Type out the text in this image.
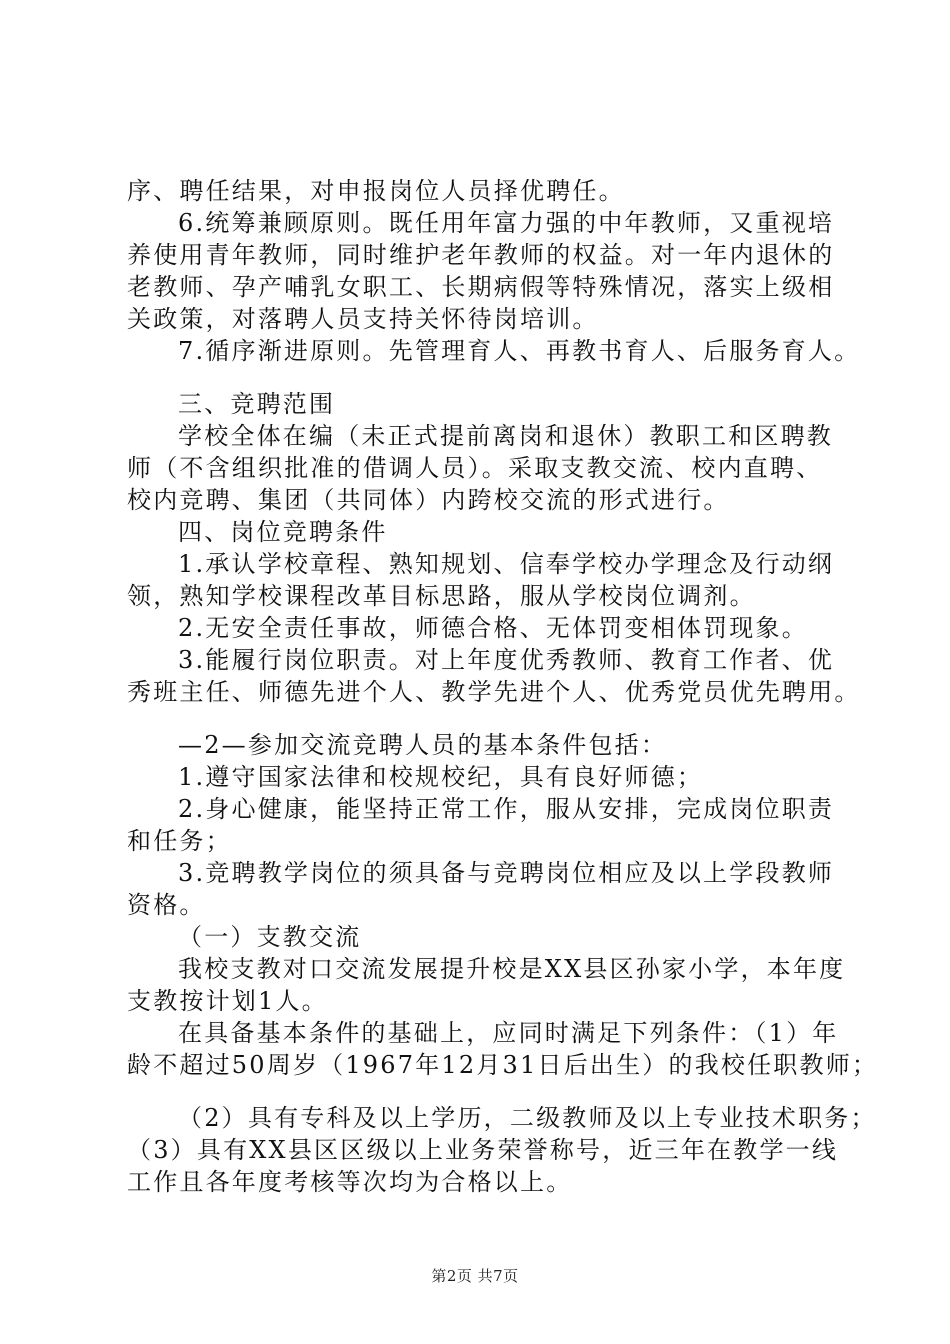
序、聘任结果，对申报岗位人员择优聘任。
6.统筹兼顾原则。既任用年富力强的中年教师，又重视培
养使用青年教师，同时维护老年教师的权益。对一年内退休的
老教师、孕产哺乳女职工、长期病假等特殊情况，落实上级相
关政策，对落聘人员支持关怀待岗培训。
7.循序渐进原则。先管理育人、再教书育人、后服务育人。
三、竞聘范围
学校全体在编（未正式提前离岗和退休）教职工和区聘教
师（不含组织批准的借调人员）。采取支教交流、校内直聘、
校内竞聘、集团（共同体）内跨校交流的形式进行。
四、岗位竞聘条件
1.承认学校章程、熟知规划、信奉学校办学理念及行动纲
领，熟知学校课程改革目标思路，服从学校岗位调剂。
2.无安全责任事故，师德合格、无体罚变相体罚现象。
3.能履行岗位职责。对上年度优秀教师、教育工作者、优
秀班主任、师德先进个人、教学先进个人、优秀党员优先聘用。
—2—参加交流竞聘人员的基本条件包括：
1.遵守国家法律和校规校纪，具有良好师德；
2.身心健康，能坚持正常工作，服从安排，完成岗位职责
和任务；
3.竞聘教学岗位的须具备与竞聘岗位相应及以上学段教师
资格。
（一）支教交流
我校支教对口交流发展提升校是XX县区孙家小学，本年度
支教按计划1人。
在具备基本条件的基础上，应同时满足下列条件：（1）年
龄不超过50周岁（1967年12月31日后出生）的我校任职教师；
（2）具有专科及以上学历，二级教师及以上专业技术职务；
（3）具有XX县区区级以上业务荣誉称号，近三年在教学一线
工作且各年度考核等次均为合格以上。
第2页 共7页
